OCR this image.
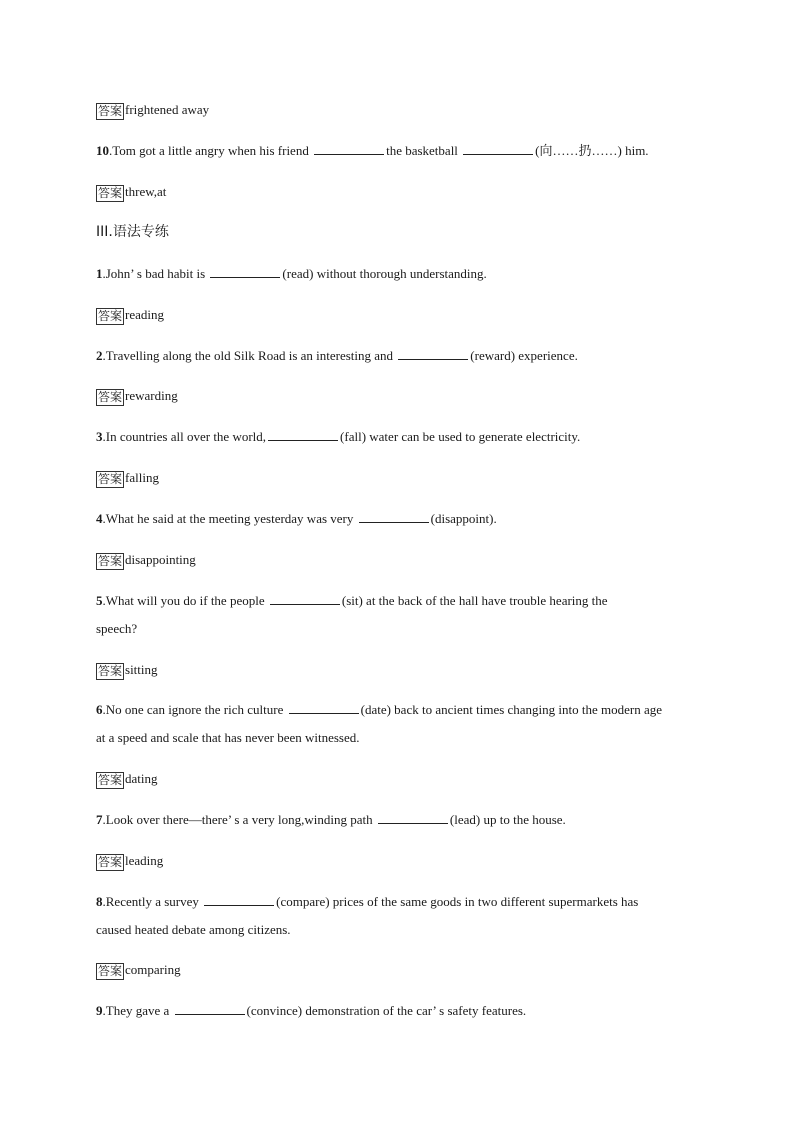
答案 frightened away
10.Tom got a little angry when his friend	the basketball	(向……扔……) him.
答案 threw,at
III.语法专练
1.John’ s bad habit is	(read) without thorough understanding.
答案 reading
2.Travelling along the old Silk Road is an interesting and	(reward) experience.
答案 rewarding
3.In countries all over the world,	(fall) water can be used to generate electricity.
答案 falling
4.What he said at the meeting yesterday was very	(disappoint).
答案 disappointing
5.What will you do if the people	(sit) at the back of the hall have trouble hearing the
speech?
答案 sitting
6.No one can ignore the rich culture	(date) back to ancient times changing into the modern age
at a speed and scale that has never been witnessed.
答案 dating
7.Look over there—there’ s a very long,winding path	(lead) up to the house.
答案 leading
8.Recently a survey	(compare) prices of the same goods in two different supermarkets has
caused heated debate among citizens.
答案 comparing
9.They gave a	(convince) demonstration of the car’ s safety features.
